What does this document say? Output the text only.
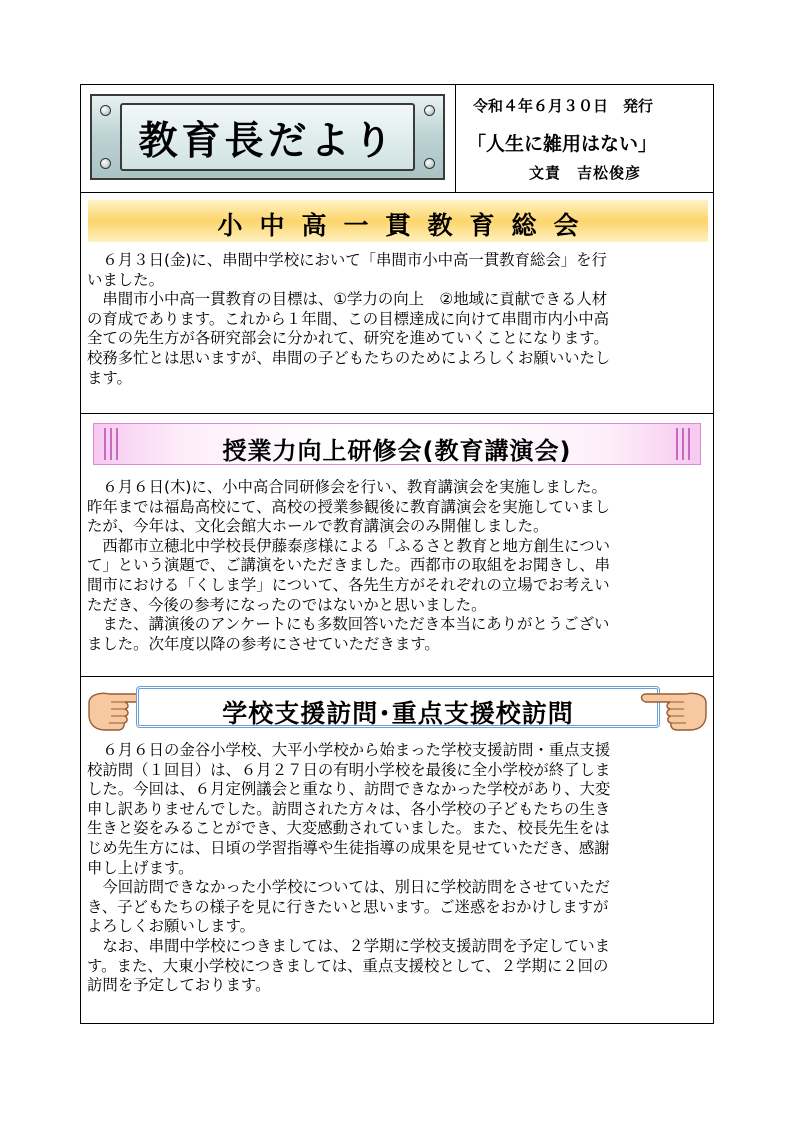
教育長だより
令和４年６月３０日　発行
「人生に雑用はない」
文責　吉松俊彦
小中高一貫教育総会
　６月３日(金)に、串間中学校において「串間市小中高一貫教育総会」を行
いました。
　串間市小中高一貫教育の目標は、①学力の向上　②地域に貢献できる人材
の育成であります。これから１年間、この目標達成に向けて串間市内小中高
全ての先生方が各研究部会に分かれて、研究を進めていくことになります。
校務多忙とは思いますが、串間の子どもたちのためによろしくお願いいたし
ます。
授業力向上研修会(教育講演会)
　６月６日(木)に、小中高合同研修会を行い、教育講演会を実施しました。
昨年までは福島高校にて、高校の授業参観後に教育講演会を実施していまし
たが、今年は、文化会館大ホールで教育講演会のみ開催しました。
　西都市立穂北中学校長伊藤泰彦様による「ふるさと教育と地方創生につい
て」という演題で、ご講演をいただきました。西都市の取組をお聞きし、串
間市における「くしま学」について、各先生方がそれぞれの立場でお考えい
ただき、今後の参考になったのではないかと思いました。
　また、講演後のアンケートにも多数回答いただき本当にありがとうござい
ました。次年度以降の参考にさせていただきます。
学校支援訪問･重点支援校訪問
　６月６日の金谷小学校、大平小学校から始まった学校支援訪問・重点支援
校訪問（１回目）は、６月２７日の有明小学校を最後に全小学校が終了しま
した。今回は、６月定例議会と重なり、訪問できなかった学校があり、大変
申し訳ありませんでした。訪問された方々は、各小学校の子どもたちの生き
生きと姿をみることができ、大変感動されていました。また、校長先生をは
じめ先生方には、日頃の学習指導や生徒指導の成果を見せていただき、感謝
申し上げます。
　今回訪問できなかった小学校については、別日に学校訪問をさせていただ
き、子どもたちの様子を見に行きたいと思います。ご迷惑をおかけしますが
よろしくお願いします。
　なお、串間中学校につきましては、２学期に学校支援訪問を予定していま
す。また、大東小学校につきましては、重点支援校として、２学期に２回の
訪問を予定しております。
